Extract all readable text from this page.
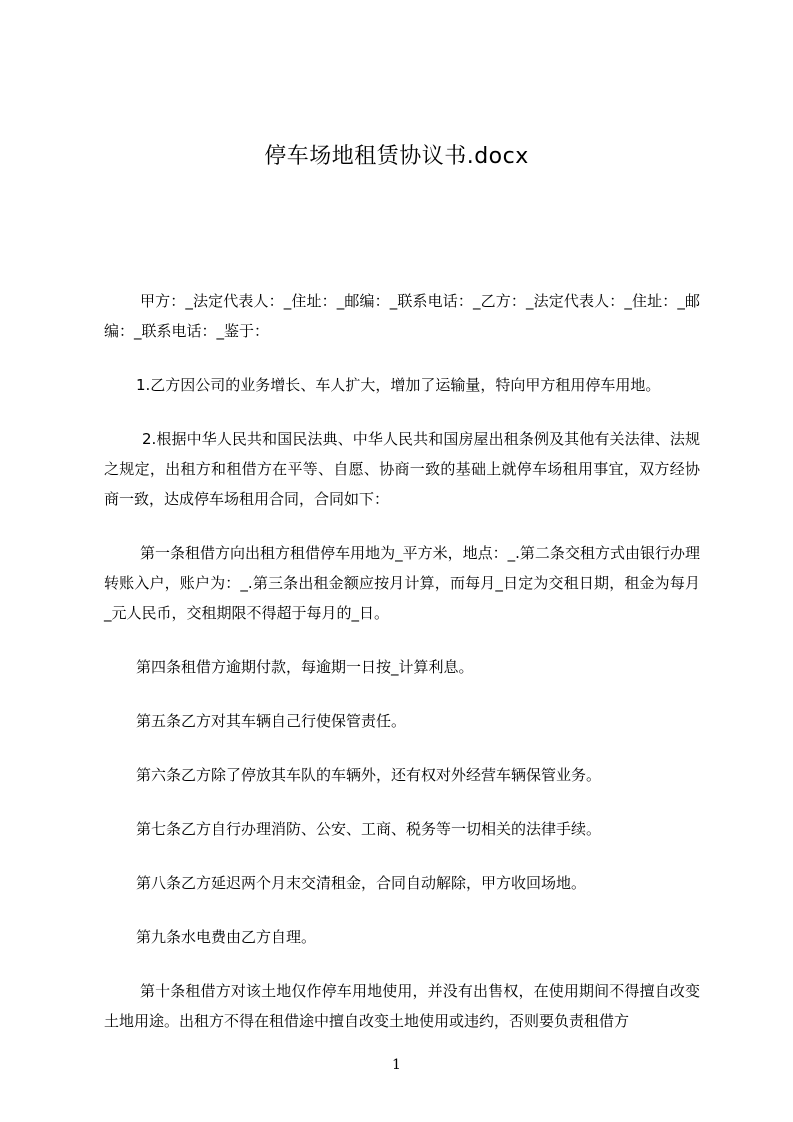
停车场地租赁协议书.docx

甲方：_法定代表人：_住址：_邮编：_联系电话：_乙方：_法定代表人：_住址：_邮编：_联系电话：_鉴于：

1.乙方因公司的业务增长、车人扩大，增加了运输量，特向甲方租用停车用地。

2.根据中华人民共和国民法典、中华人民共和国房屋出租条例及其他有关法律、法规之规定，出租方和租借方在平等、自愿、协商一致的基础上就停车场租用事宜，双方经协商一致，达成停车场租用合同，合同如下：

第一条租借方向出租方租借停车用地为_平方米，地点：_.第二条交租方式由银行办理转账入户，账户为：_.第三条出租金额应按月计算，而每月_日定为交租日期，租金为每月_元人民币，交租期限不得超于每月的_日。

第四条租借方逾期付款，每逾期一日按_计算利息。

第五条乙方对其车辆自己行使保管责任。

第六条乙方除了停放其车队的车辆外，还有权对外经营车辆保管业务。

第七条乙方自行办理消防、公安、工商、税务等一切相关的法律手续。

第八条乙方延迟两个月末交清租金，合同自动解除，甲方收回场地。

第九条水电费由乙方自理。

第十条租借方对该土地仅作停车用地使用，并没有出售权，在使用期间不得擅自改变土地用途。出租方不得在租借途中擅自改变土地使用或违约，否则要负责租借方

1
